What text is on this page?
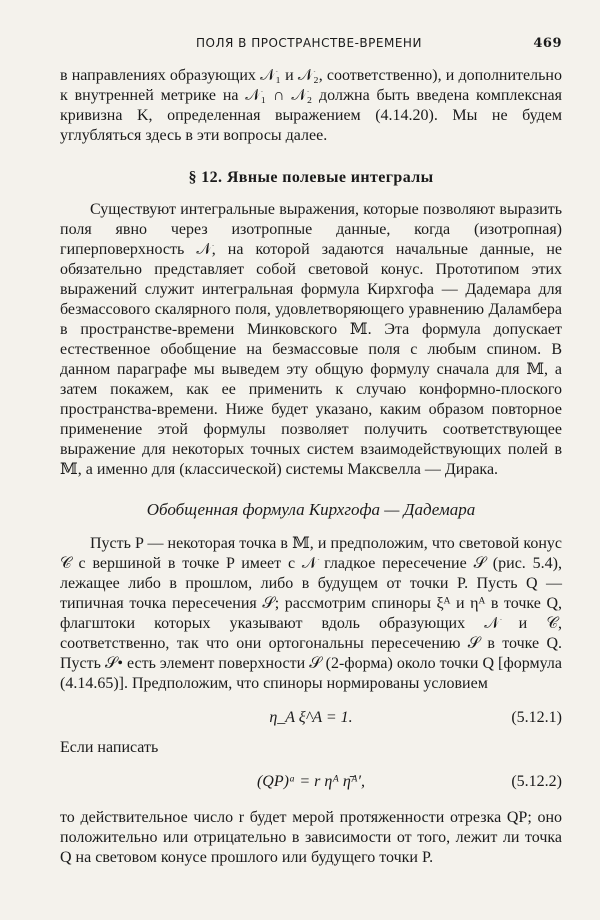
ПОЛЯ В ПРОСТРАНСТВЕ-ВРЕМЕНИ	469

в направлениях образующих 𝒩₁ и 𝒩₂, соответственно), и дополнительно к внутренней метрике на 𝒩₁ ∩ 𝒩₂ должна быть введена комплексная кривизна K, определенная выражением (4.14.20). Мы не будем углубляться здесь в эти вопросы далее.

§ 12. Явные полевые интегралы

Существуют интегральные выражения, которые позволяют выразить поля явно через изотропные данные, когда (изотропная) гиперповерхность 𝒩, на которой задаются начальные данные, не обязательно представляет собой световой конус. Прототипом этих выражений служит интегральная формула Кирхгофа — Дадемара для безмассового скалярного поля, удовлетворяющего уравнению Даламбера в пространстве-времени Минковского 𝕄. Эта формула допускает естественное обобщение на безмассовые поля с любым спином. В данном параграфе мы выведем эту общую формулу сначала для 𝕄, а затем покажем, как ее применить к случаю конформно-плоского пространства-времени. Ниже будет указано, каким образом повторное применение этой формулы позволяет получить соответствующее выражение для некоторых точных систем взаимодействующих полей в 𝕄, а именно для (классической) системы Максвелла — Дирака.

Обобщенная формула Кирхгофа — Дадемара

Пусть P — некоторая точка в 𝕄, и предположим, что световой конус 𝒞 с вершиной в точке P имеет с 𝒩 гладкое пересечение 𝒮 (рис. 5.4), лежащее либо в прошлом, либо в будущем от точки P. Пусть Q — типичная точка пересечения 𝒮; рассмотрим спиноры ξᴬ и ηᴬ в точке Q, флагштоки которых указывают вдоль образующих 𝒩 и 𝒞, соответственно, так что они ортогональны пересечению 𝒮 в точке Q. Пусть 𝒮• есть элемент поверхности 𝒮 (2-форма) около точки Q [формула (4.14.65)]. Предположим, что спиноры нормированы условием

η_A ξ^A = 1.	(5.12.1)

Если написать

(QP)ᵃ = r ηᴬ η̄ᴬ′,	(5.12.2)

то действительное число r будет мерой протяженности отрезка QP; оно положительно или отрицательно в зависимости от того, лежит ли точка Q на световом конусе прошлого или будущего точки P.
